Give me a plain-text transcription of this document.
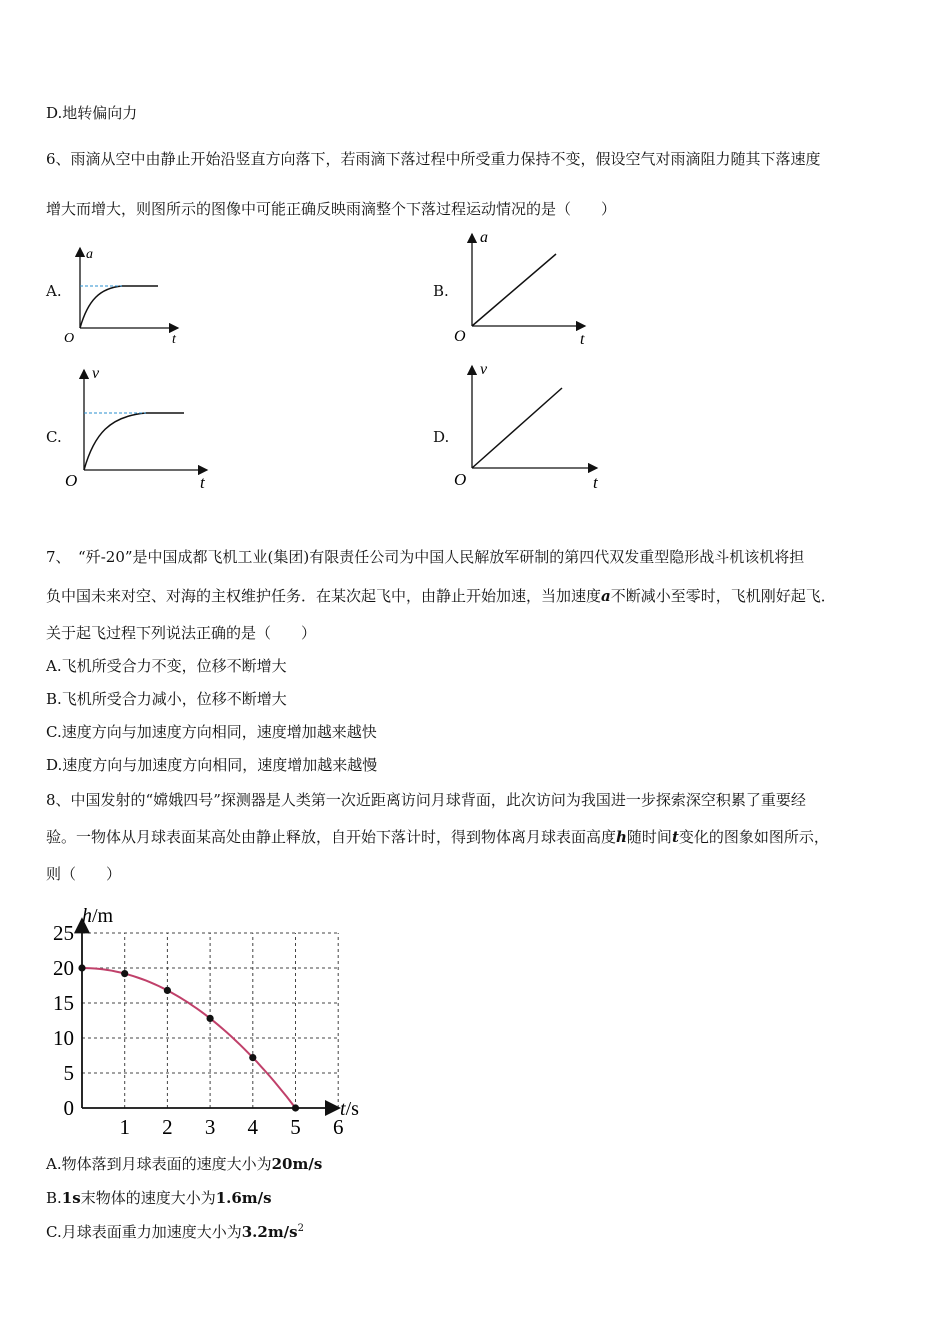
D.地转偏向力
6、雨滴从空中由静止开始沿竖直方向落下，若雨滴下落过程中所受重力保持不变，假设空气对雨滴阻力随其下落速度
增大而增大，则图所示的图像中可能正确反映雨滴整个下落过程运动情况的是（　　）
A.
a
t
O
B.
a
t
O
C.
v
t
O
D.
v
t
O
7、　“歼-20”是中国成都飞机工业(集团)有限责任公司为中国人民解放军研制的第四代双发重型隐形战斗机该机将担
负中国未来对空、对海的主权维护任务．在某次起飞中，由静止开始加速，当加速度a不断减小至零时，飞机刚好起飞．
关于起飞过程下列说法正确的是（　　）
A.飞机所受合力不变，位移不断增大
B.飞机所受合力减小，位移不断增大
C.速度方向与加速度方向相同，速度增加越来越快
D.速度方向与加速度方向相同，速度增加越来越慢
8、中国发射的“嫦娥四号”探测器是人类第一次近距离访问月球背面，此次访问为我国进一步探索深空积累了重要经
验。一物体从月球表面某高处由静止释放，自开始下落计时，得到物体离月球表面高度h随时间t变化的图象如图所示，
则（　　）
1 2 3 4 5 6
0
5
10
15
20
25
h/m
t/s
A.物体落到月球表面的速度大小为20m/s
B.1s末物体的速度大小为1.6m/s
C.月球表面重力加速度大小为$3.2m/s^2$
